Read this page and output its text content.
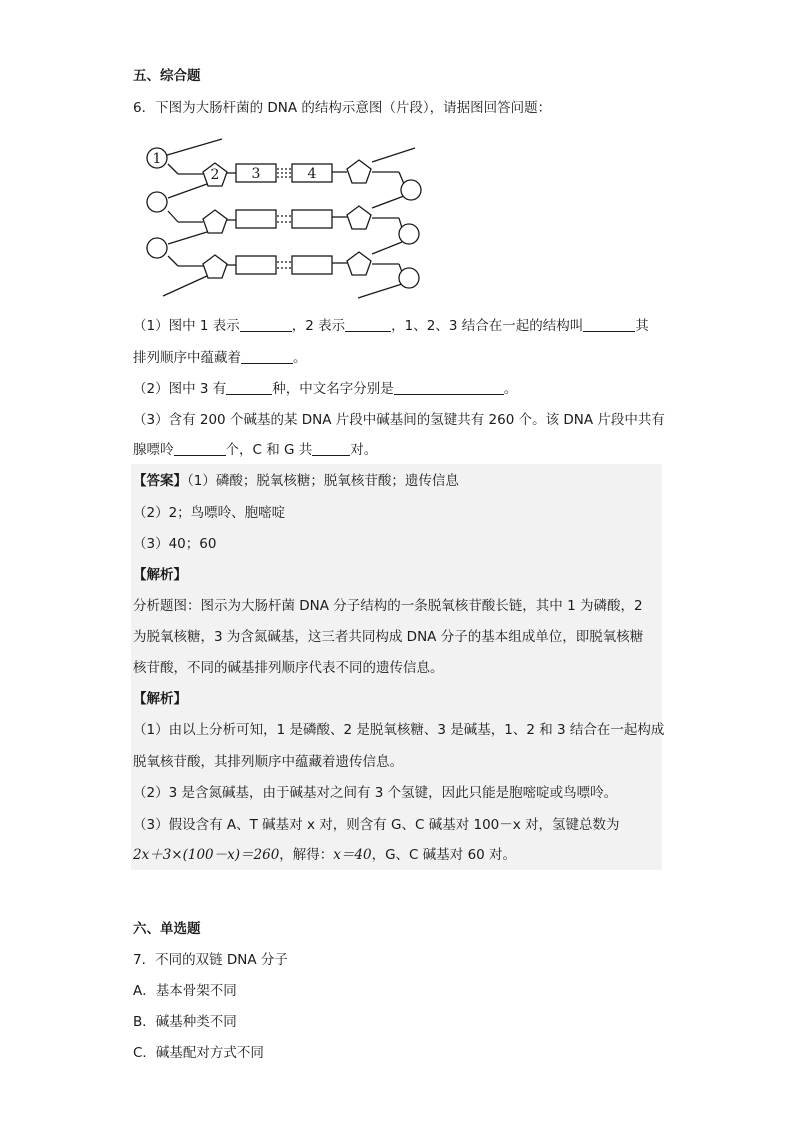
五、综合题
6．下图为大肠杆菌的 DNA 的结构示意图（片段），请据图回答问题：
1
2 3	4
（1）图中 1 表示	，2 表示	，1、2、3 结合在一起的结构叫	其
排列顺序中蕴藏着	。
（2）图中 3 有	种，中文名字分别是	。
（3）含有 200 个碱基的某 DNA 片段中碱基间的氢键共有 260 个。该 DNA 片段中共有
腺嘌呤	个，C 和 G 共	对。
【答案】（1）磷酸；脱氧核糖；脱氧核苷酸；遗传信息
（2）2；鸟嘌呤、胞嘧啶
（3）40；60
【解析】
分析题图：图示为大肠杆菌 DNA 分子结构的一条脱氧核苷酸长链，其中 1 为磷酸，2
为脱氧核糖，3 为含氮碱基，这三者共同构成 DNA 分子的基本组成单位，即脱氧核糖
核苷酸，不同的碱基排列顺序代表不同的遗传信息。
【解析】
（1）由以上分析可知，1 是磷酸、2 是脱氧核糖、3 是碱基，1、2 和 3 结合在一起构成
脱氧核苷酸，其排列顺序中蕴藏着遗传信息。
（2）3 是含氮碱基，由于碱基对之间有 3 个氢键，因此只能是胞嘧啶或鸟嘌呤。
（3）假设含有 A、T 碱基对 x 对，则含有 G、C 碱基对 100－x 对，氢键总数为
2x＋3×(100－x)＝260，解得：x＝40，G、C 碱基对 60 对。
六、单选题
7．不同的双链 DNA 分子
A．基本骨架不同
B．碱基种类不同
C．碱基配对方式不同
